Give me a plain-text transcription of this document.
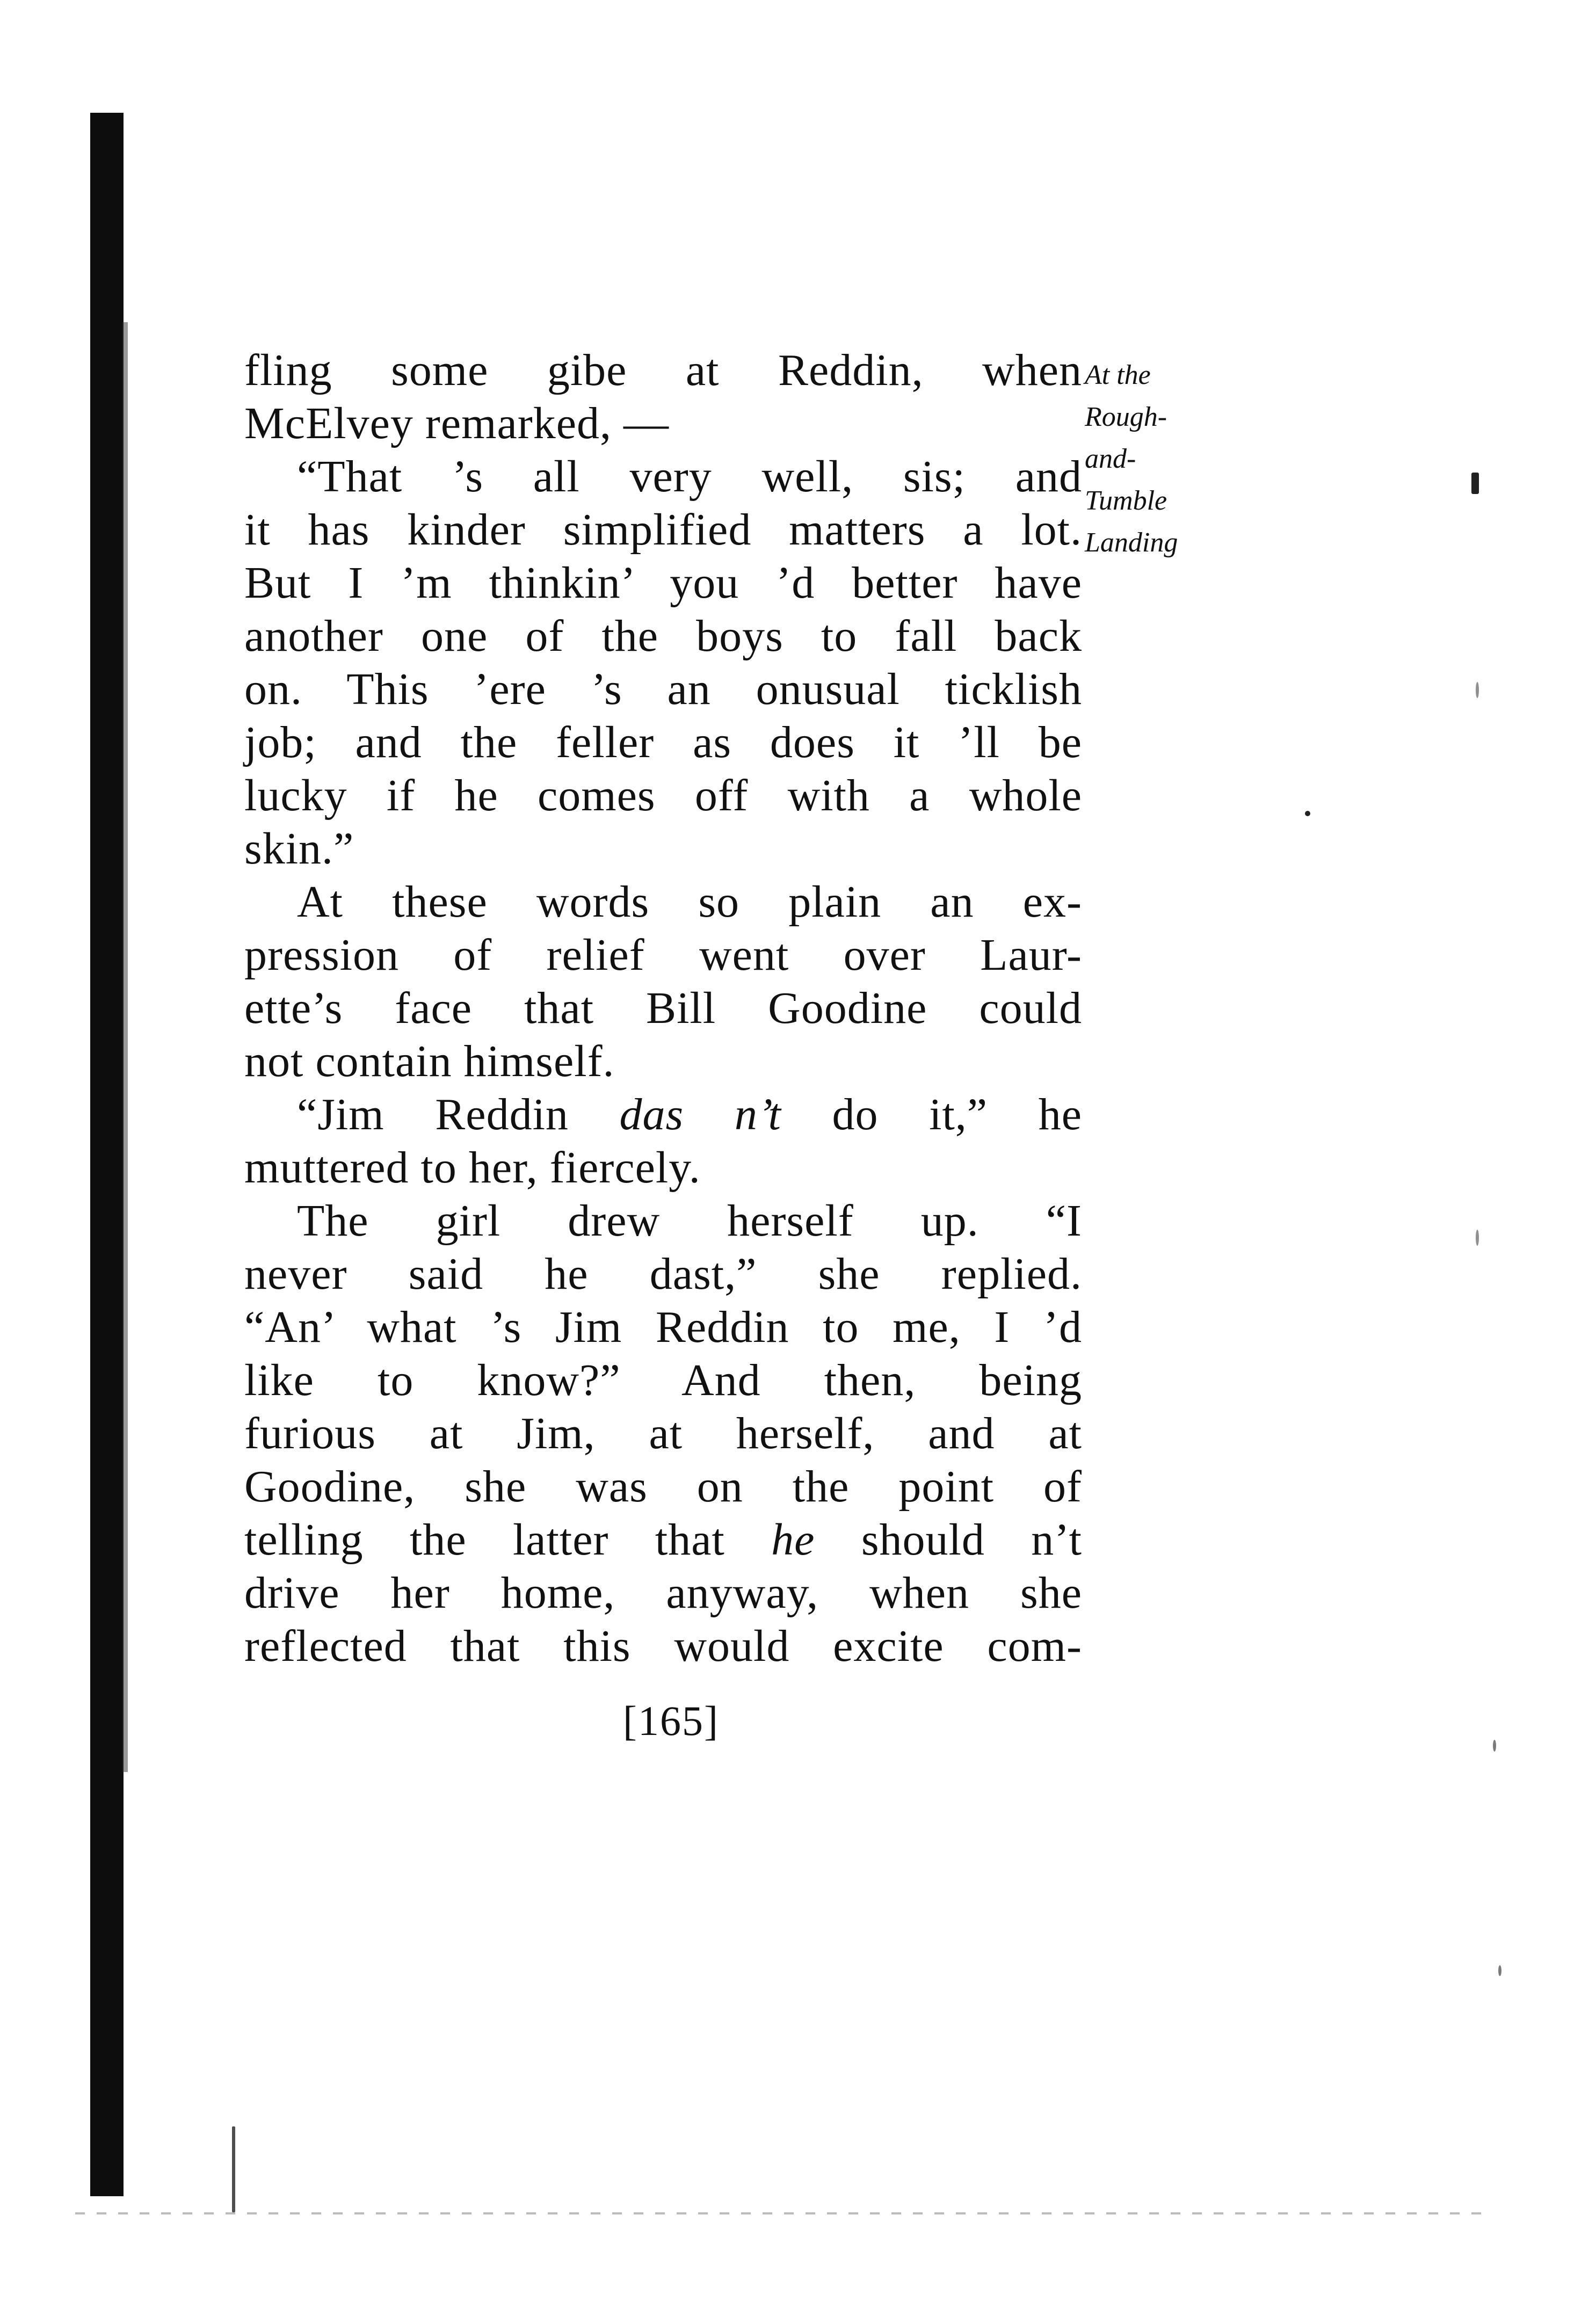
At the
Rough-
and-
Tumble
Landing
fling some gibe at Reddin, when
McElvey remarked, —
“That ’s all very well, sis; and
it has kinder simplified matters a lot.
But I ’m thinkin’ you ’d better have
another one of the boys to fall back
on. This ’ere ’s an onusual ticklish
job; and the feller as does it ’ll be
lucky if he comes off with a whole
skin.”
At these words so plain an ex-
pression of relief went over Laur-
ette’s face that Bill Goodine could
not contain himself.
“Jim Reddin das n’t do it,” he
muttered to her, fiercely.
The girl drew herself up. “I
never said he dast,” she replied.
“An’ what ’s Jim Reddin to me, I ’d
like to know?” And then, being
furious at Jim, at herself, and at
Goodine, she was on the point of
telling the latter that he should n’t
drive her home, anyway, when she
reflected that this would excite com-
[165]
